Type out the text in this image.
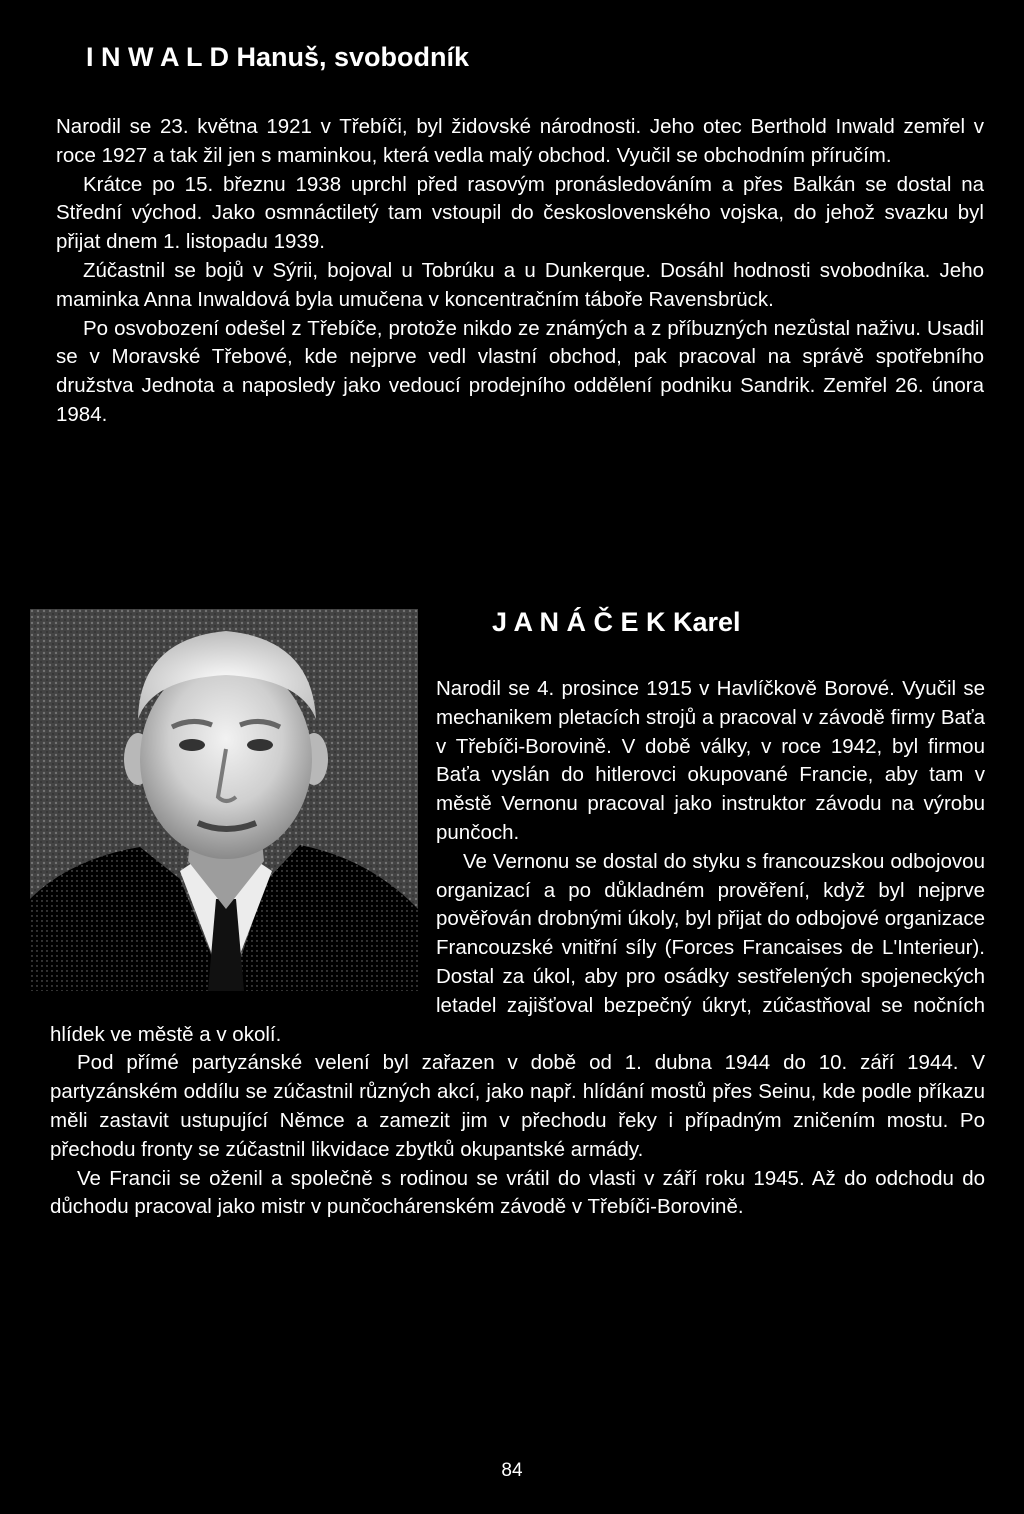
I N W A L D Hanuš, svobodník

Narodil se 23. května 1921 v Třebíči, byl židovské národnosti. Jeho otec Berthold Inwald zemřel v roce 1927 a tak žil jen s maminkou, která vedla malý obchod. Vyučil se obchodním příručím.

Krátce po 15. březnu 1938 uprchl před rasovým pronásledováním a přes Balkán se dostal na Střední východ. Jako osmnáctiletý tam vstoupil do československého vojska, do jehož svazku byl přijat dnem 1. listopadu 1939.

Zúčastnil se bojů v Sýrii, bojoval u Tobrúku a u Dunkerque. Dosáhl hodnosti svobodníka. Jeho maminka Anna Inwaldová byla umučena v koncentračním táboře Ravensbrück.

Po osvobození odešel z Třebíče, protože nikdo ze známých a z příbuzných nezůstal naživu. Usadil se v Moravské Třebové, kde nejprve vedl vlastní obchod, pak pracoval na správě spotřebního družstva Jednota a naposledy jako vedoucí prodejního oddělení podniku Sandrik. Zemřel 26. února 1984.

J A N Á Č E K Karel

Narodil se 4. prosince 1915 v Havlíčkově Borové. Vyučil se mechanikem pletacích strojů a pracoval v závodě firmy Baťa v Třebíči-Borovině. V době války, v roce 1942, byl firmou Baťa vyslán do hitlerovci okupované Francie, aby tam v městě Vernonu pracoval jako instruktor závodu na výrobu punčoch.

Ve Vernonu se dostal do styku s francouzskou odbojovou organizací a po důkladném prověření, když byl nejprve pověřován drobnými úkoly, byl přijat do odbojové organizace Francouzské vnitřní síly (Forces Francaises de L'Interieur). Dostal za úkol, aby pro osádky sestřelených spojeneckých letadel zajišťoval bezpečný úkryt, zúčastňoval se nočních hlídek ve městě a v okolí.

Pod přímé partyzánské velení byl zařazen v době od 1. dubna 1944 do 10. září 1944. V partyzánském oddílu se zúčastnil různých akcí, jako např. hlídání mostů přes Seinu, kde podle příkazu měli zastavit ustupující Němce a zamezit jim v přechodu řeky i případným zničením mostu. Po přechodu fronty se zúčastnil likvidace zbytků okupantské armády.

Ve Francii se oženil a společně s rodinou se vrátil do vlasti v září roku 1945. Až do odchodu do důchodu pracoval jako mistr v punčochárenském závodě v Třebíči-Borovině.

84
